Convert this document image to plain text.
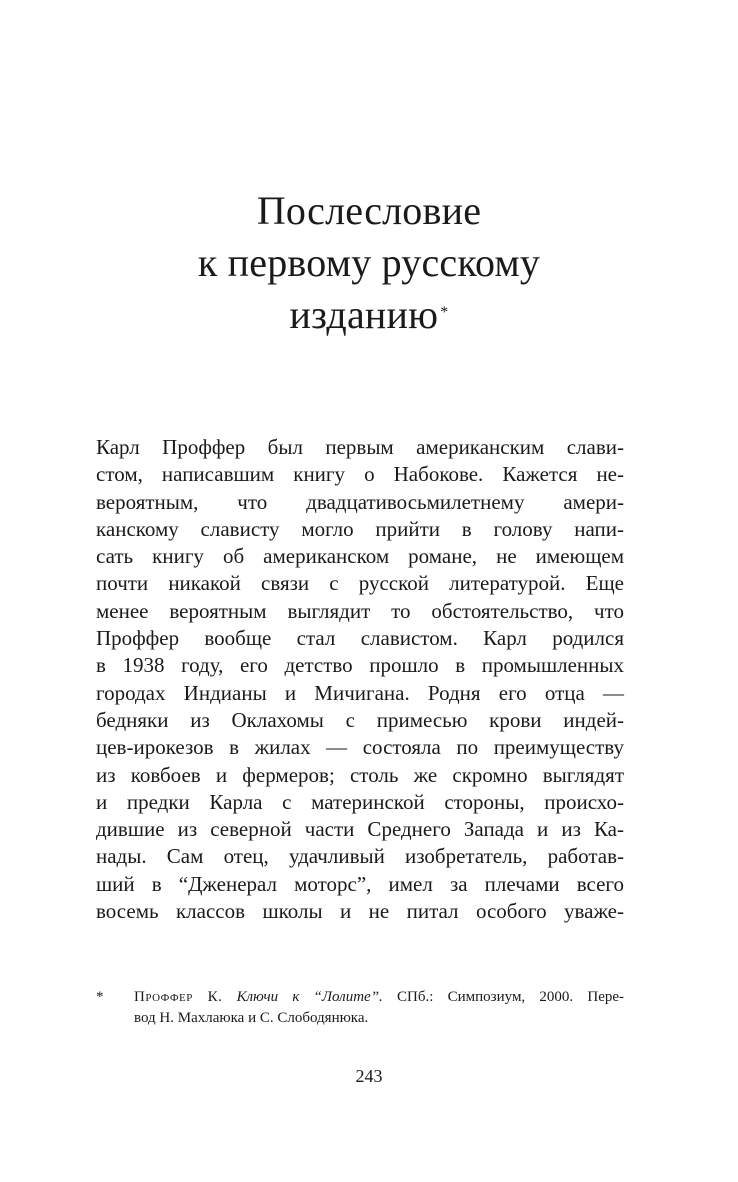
Послесловие
к первому русскому
изданию *
Карл Проффер был первым американским слави-
стом, написавшим книгу о Набокове. Кажется не-
вероятным, что двадцативосьмилетнему амери-
канскому слависту могло прийти в голову напи-
сать книгу об американском романе, не имеющем
почти никакой связи с русской литературой. Еще
менее вероятным выглядит то обстоятельство, что
Проффер вообще стал славистом. Карл родился
в 1938 году, его детство прошло в промышленных
городах Индианы и Мичигана. Родня его отца —
бедняки из Оклахомы с примесью крови индей-
цев-ирокезов в жилах — состояла по преимуществу
из ковбоев и фермеров; столь же скромно выглядят
и предки Карла с материнской стороны, происхо-
дившие из северной части Среднего Запада и из Ка-
нады. Сам отец, удачливый изобретатель, работав-
ший в “Дженерал моторс”, имел за плечами всего
восемь классов школы и не питал особого уваже-
* Проффер К. Ключи к “Лолите”. СПб.: Симпозиум, 2000. Пере-
вод Н. Махлаюка и С. Слободянюка.
243
